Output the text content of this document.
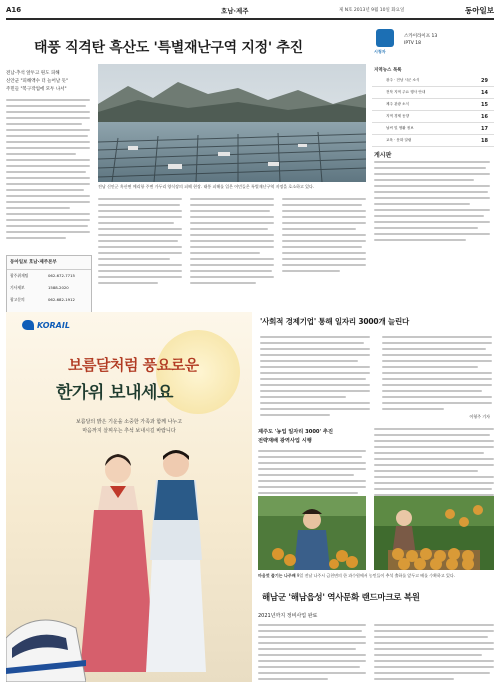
A16	호남·제주	제 N호 2013년 9월 10일 화요일	동아일보
태풍 직격탄 흑산도 '특별재난구역 지정' 추진	시청자
스카이라이프 13
IPTV 18
지역뉴스 목록
광주 · 전남 시군 소식	29
전북 지역 주요 행사 안내	14
제주 관광 소식	15
지역 경제 동향	16
날씨 및 생활 정보	17
교육 · 문화 알림	18
게시판
전남·추석 앞두고 원도 피해
신안군 "피해액수 더 늘어날 듯"
주민들 "복구작업에 모두 나서"
동아일보 호남·제주본부
광주취재팀	062-672-7715
기사제보	1588-2020
광고문의	062-682-1912
전남 신안군 흑산면 예리항 주변 가두리 양식장의 피해 현장. 태풍 피해를 입은 어민들은 특별재난구역 지정을 호소하고 있다.
'사회적 경제기업' 통해 일자리 3000개 늘린다
이형주 기자
KORAIL
보름달처럼 풍요로운
한가위 보내세요
보름달의 밝은 기운을 소중한 가족과 함께 나누고
마음까지 살찌우는 추석 보내시길 바랍니다	제주도 '농업 일자리 3000' 추진
전략재배 광역사업 시행
마음껏 즐기는 나주배 9일 전남 나주시 금천면의 한 과수원에서 농민들이 추석 출하를 앞두고 배를 수확하고 있다.
해남군 '해남읍성' 역사문화 랜드마크로 복원
2021년까지 정비사업 완료
